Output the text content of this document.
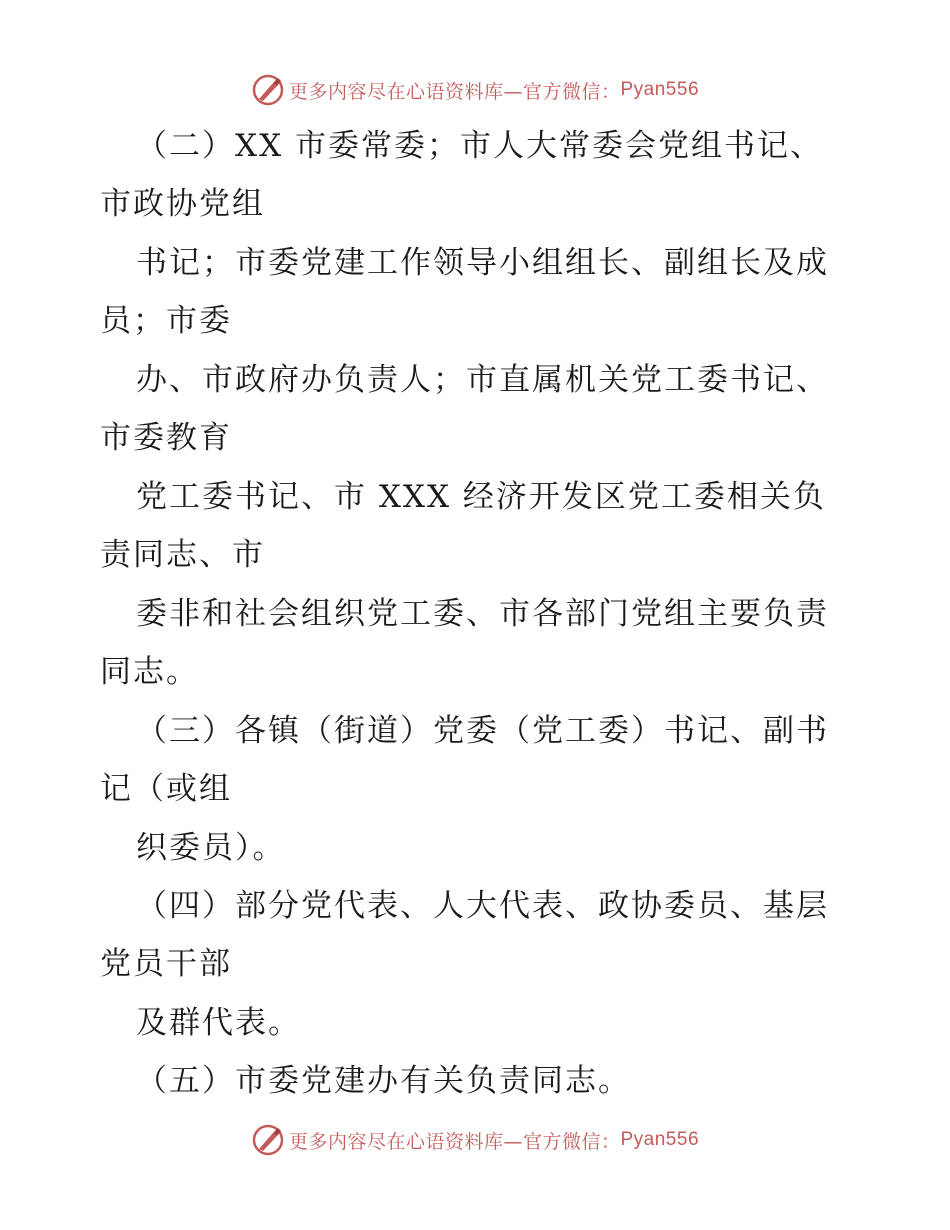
更多内容尽在心语资料库—官方微信： Pyan556
（二）XX 市委常委；市人大常委会党组书记、
市政协党组
书记；市委党建工作领导小组组长、副组长及成
员；市委
办、市政府办负责人；市直属机关党工委书记、
市委教育
党工委书记、市 XXX 经济开发区党工委相关负
责同志、市
委非和社会组织党工委、市各部门党组主要负责
同志。
（三）各镇（街道）党委（党工委）书记、副书
记（或组
织委员）。
（四）部分党代表、人大代表、政协委员、基层
党员干部
及群代表。
（五）市委党建办有关负责同志。
更多内容尽在心语资料库—官方微信： Pyan556
